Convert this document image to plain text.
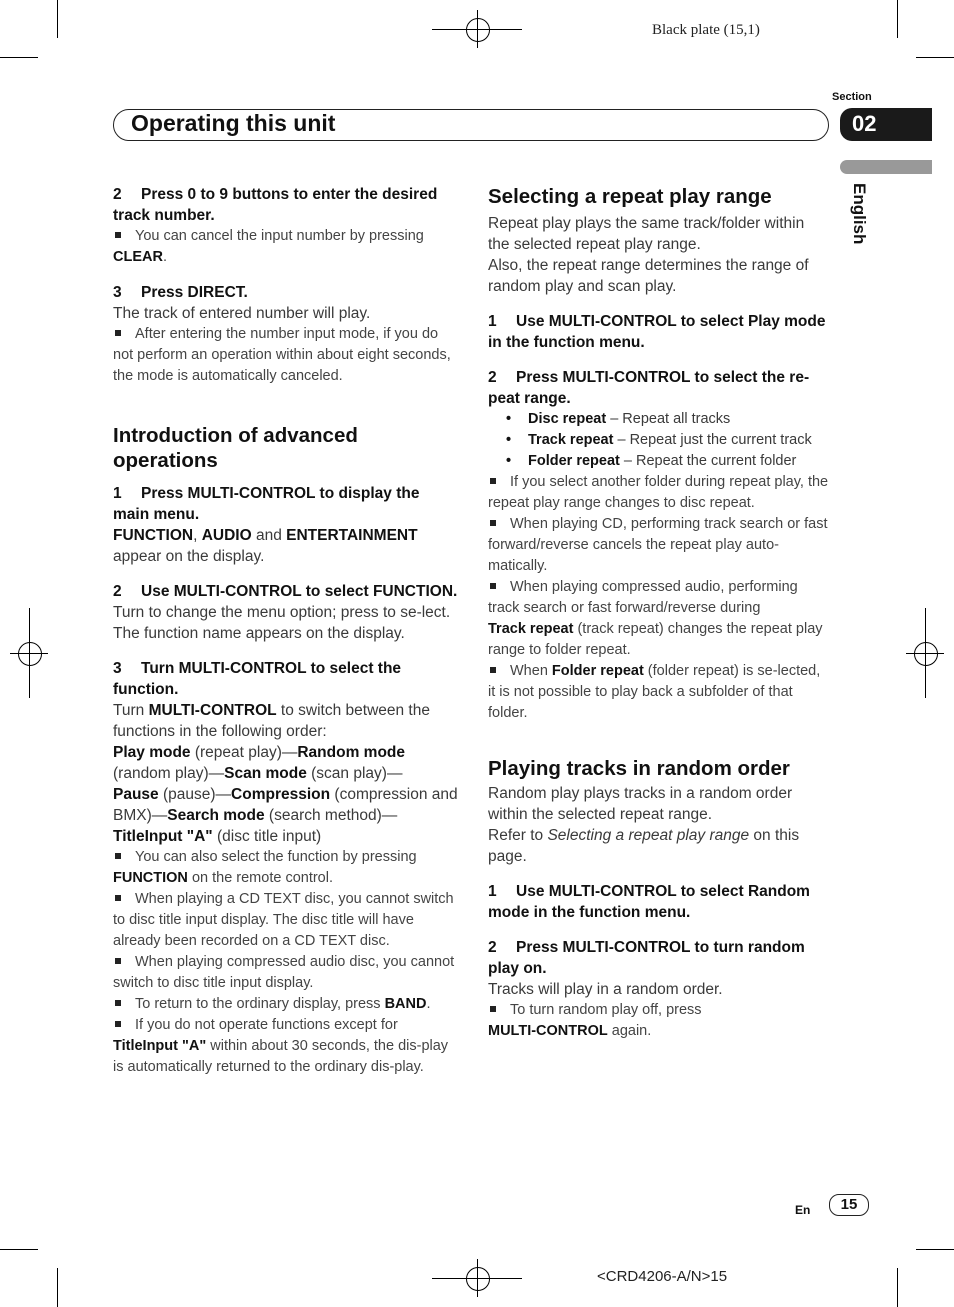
Black plate (15,1)
Section
02
English
Operating this unit

2 Press 0 to 9 buttons to enter the desired track number.

You can cancel the input number by pressing
CLEAR.

3 Press DIRECT.

The track of entered number will play.

After entering the number input mode, if you do not perform an operation within about eight seconds, the mode is automatically canceled.

Introduction of advanced operations

1 Press MULTI-CONTROL to display the main menu.

FUNCTION, AUDIO and ENTERTAINMENT
appear on the display.

2 Use MULTI-CONTROL to select FUNCTION.

Turn to change the menu option; press to se-lect.

The function name appears on the display.

3 Turn MULTI-CONTROL to select the function.

Turn MULTI-CONTROL to switch between the functions in the following order:

Play mode (repeat play)—Random mode
(random play)—Scan mode (scan play)—
Pause (pause)—Compression (compression and BMX)—Search mode (search method)—
TitleInput "A" (disc title input)

You can also select the function by pressing
FUNCTION on the remote control.

When playing a CD TEXT disc, you cannot switch to disc title input display. The disc title will have already been recorded on a CD TEXT disc.

When playing compressed audio disc, you cannot switch to disc title input display.

To return to the ordinary display, press BAND.

If you do not operate functions except for
TitleInput "A" within about 30 seconds, the dis-play is automatically returned to the ordinary dis-play.

Selecting a repeat play range

Repeat play plays the same track/folder within the selected repeat play range.

Also, the repeat range determines the range of random play and scan play.

1 Use MULTI-CONTROL to select Play mode in the function menu.

2 Press MULTI-CONTROL to select the re-peat range.

• Disc repeat – Repeat all tracks

• Track repeat – Repeat just the current track

• Folder repeat – Repeat the current folder

If you select another folder during repeat play, the repeat play range changes to disc repeat.

When playing CD, performing track search or fast forward/reverse cancels the repeat play auto-matically.

When playing compressed audio, performing track search or fast forward/reverse during
Track repeat (track repeat) changes the repeat play range to folder repeat.

When Folder repeat (folder repeat) is se-lected, it is not possible to play back a subfolder of that folder.

Playing tracks in random order

Random play plays tracks in a random order within the selected repeat range.

Refer to Selecting a repeat play range on this page.

1 Use MULTI-CONTROL to select Random mode in the function menu.

2 Press MULTI-CONTROL to turn random play on.

Tracks will play in a random order.

To turn random play off, press
MULTI-CONTROL again.

En	15
<CRD4206-A/N>15
